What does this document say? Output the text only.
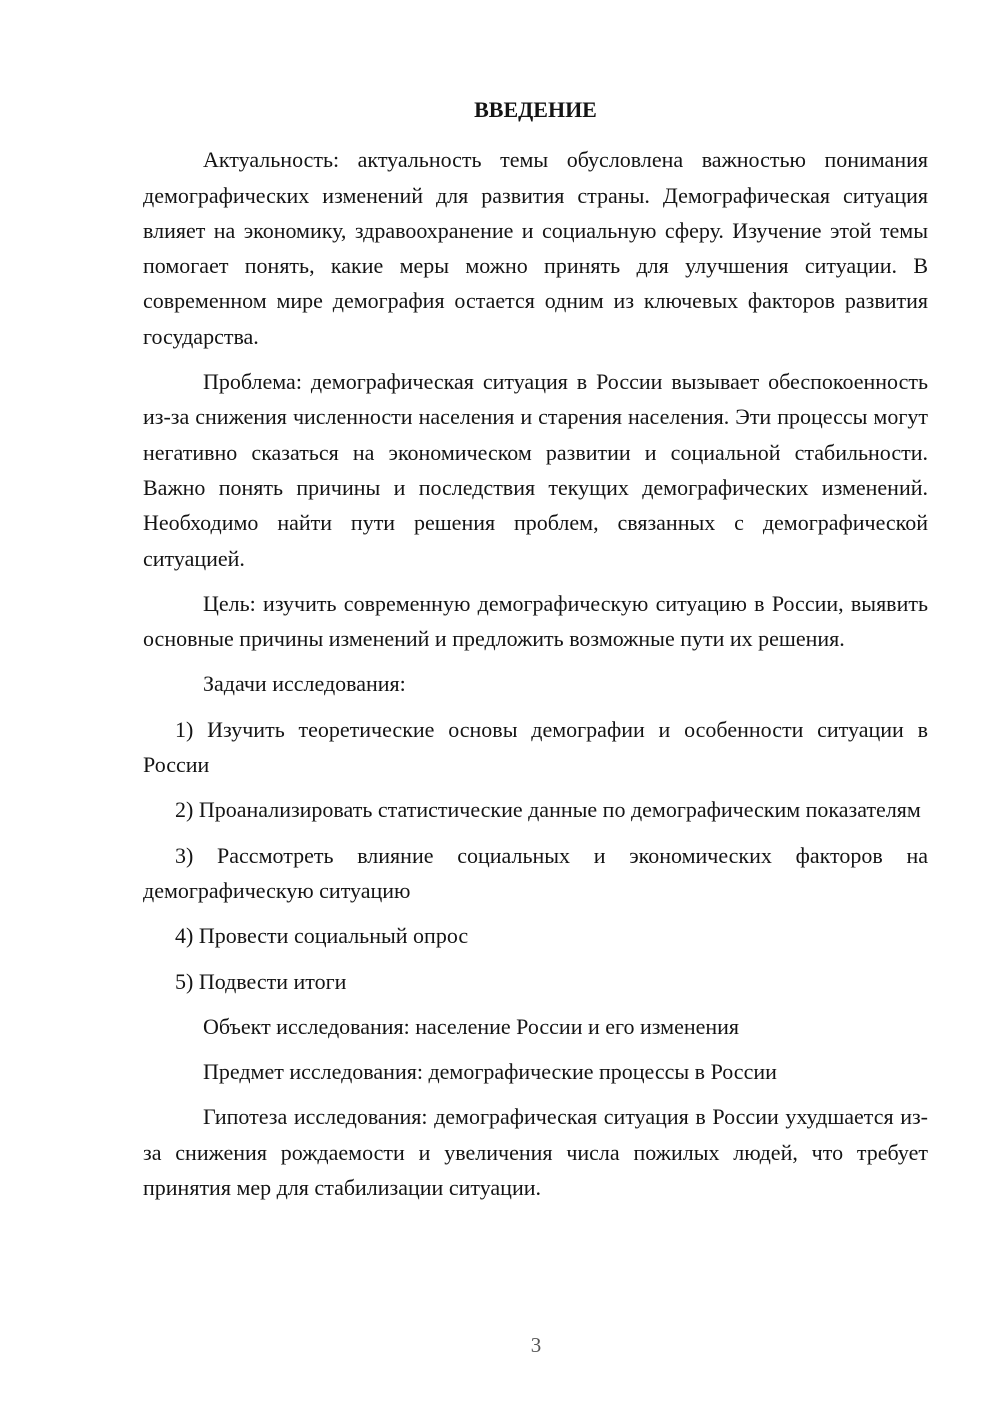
ВВЕДЕНИЕ

Актуальность: актуальность темы обусловлена важностью понимания демографических изменений для развития страны. Демографическая ситуация влияет на экономику, здравоохранение и социальную сферу. Изучение этой темы помогает понять, какие меры можно принять для улучшения ситуации. В современном мире демография остается одним из ключевых факторов развития государства.

Проблема: демографическая ситуация в России вызывает обеспокоенность из-за снижения численности населения и старения населения. Эти процессы могут негативно сказаться на экономическом развитии и социальной стабильности. Важно понять причины и последствия текущих демографических изменений. Необходимо найти пути решения проблем, связанных с демографической ситуацией.

Цель: изучить современную демографическую ситуацию в России, выявить основные причины изменений и предложить возможные пути их решения.

Задачи исследования:

1) Изучить теоретические основы демографии и особенности ситуации в России

2) Проанализировать статистические данные по демографическим показателям

3) Рассмотреть влияние социальных и экономических факторов на демографическую ситуацию

4) Провести социальный опрос

5) Подвести итоги

Объект исследования: население России и его изменения

Предмет исследования: демографические процессы в России

Гипотеза исследования: демографическая ситуация в России ухудшается из-за снижения рождаемости и увеличения числа пожилых людей, что требует принятия мер для стабилизации ситуации.

3
